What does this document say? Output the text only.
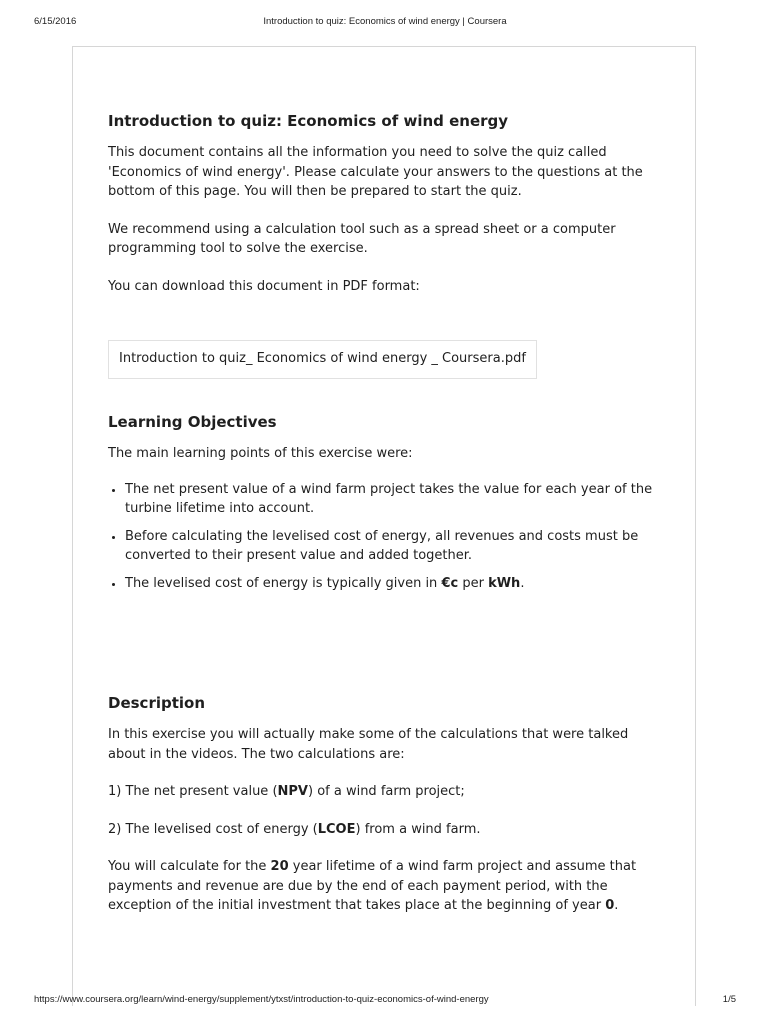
6/15/2016	Introduction to quiz: Economics of wind energy | Coursera
Introduction to quiz: Economics of wind energy

This document contains all the information you need to solve the quiz called 'Economics of wind energy'. Please calculate your answers to the questions at the bottom of this page. You will then be prepared to start the quiz.

We recommend using a calculation tool such as a spread sheet or a computer programming tool to solve the exercise.

You can download this document in PDF format:

Introduction to quiz_ Economics of wind energy _ Coursera.pdf
Learning Objectives

The main learning points of this exercise were:

• The net present value of a wind farm project takes the value for each year of the turbine lifetime into account.
• Before calculating the levelised cost of energy, all revenues and costs must be converted to their present value and added together.
• The levelised cost of energy is typically given in €c per kWh.
Description

In this exercise you will actually make some of the calculations that were talked about in the videos. The two calculations are:

1) The net present value (NPV) of a wind farm project;

2) The levelised cost of energy (LCOE) from a wind farm.

You will calculate for the 20 year lifetime of a wind farm project and assume that payments and revenue are due by the end of each payment period, with the exception of the initial investment that takes place at the beginning of year 0.

https://www.coursera.org/learn/wind-energy/supplement/ytxst/introduction-to-quiz-economics-of-wind-energy	1/5
